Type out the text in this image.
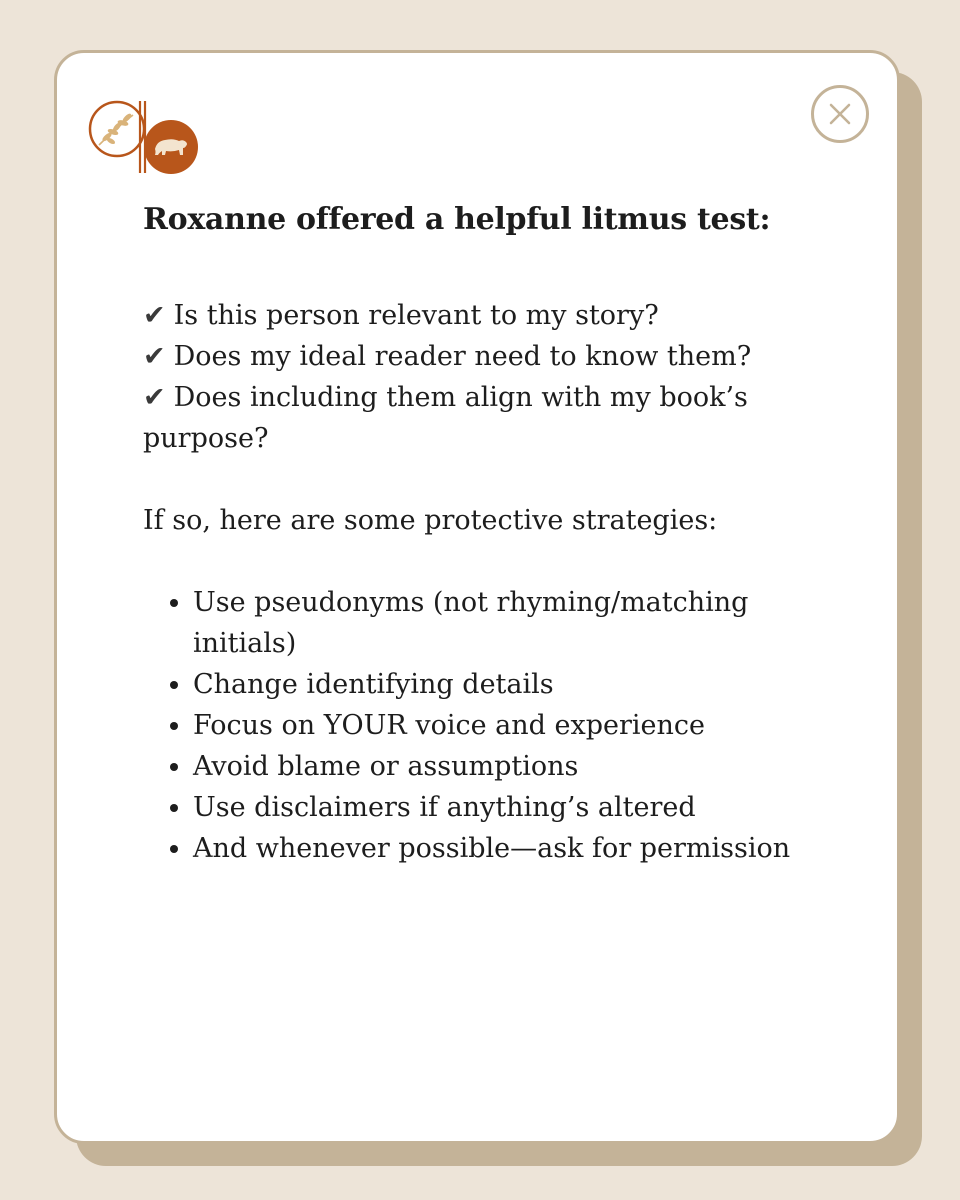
Roxanne offered a helpful litmus test:
✔ Is this person relevant to my story?
✔ Does my ideal reader need to know them?
✔ Does including them align with my book’s purpose?

If so, here are some protective strategies:

• Use pseudonyms (not rhyming/matching initials)
• Change identifying details
• Focus on YOUR voice and experience
• Avoid blame or assumptions
• Use disclaimers if anything’s altered
• And whenever possible—ask for permission
